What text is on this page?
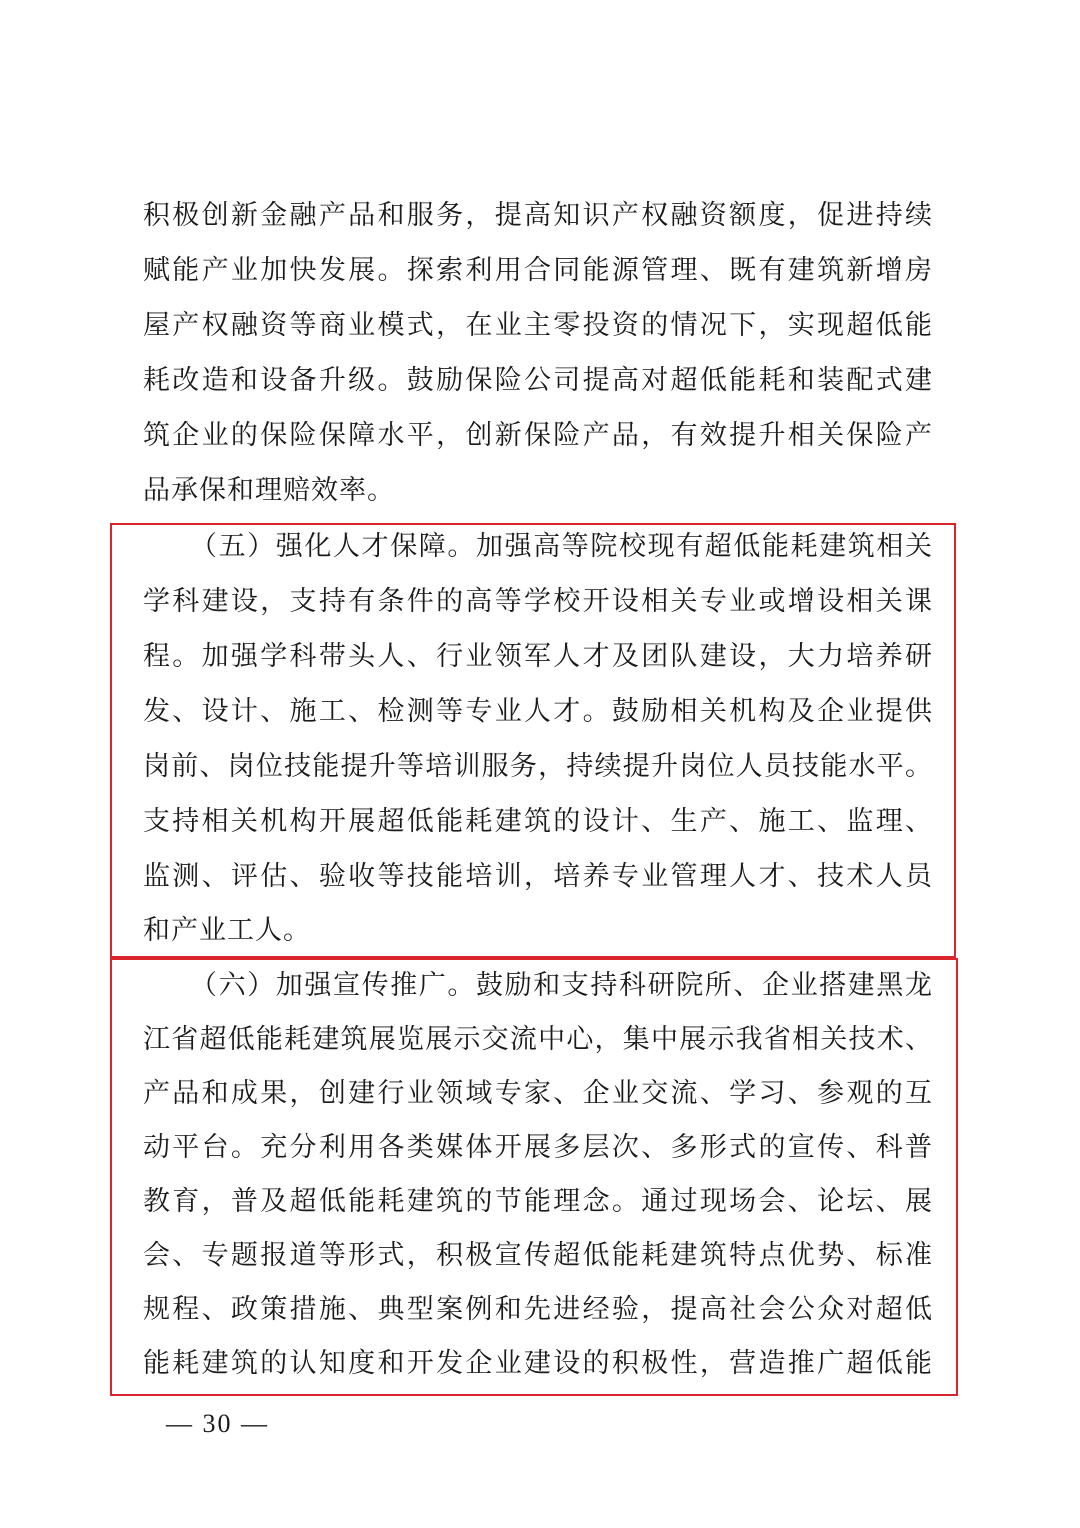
积极创新金融产品和服务，提高知识产权融资额度，促进持续
赋能产业加快发展。探索利用合同能源管理、既有建筑新增房
屋产权融资等商业模式，在业主零投资的情况下，实现超低能
耗改造和设备升级。鼓励保险公司提高对超低能耗和装配式建
筑企业的保险保障水平，创新保险产品，有效提升相关保险产
品承保和理赔效率。
（五）强化人才保障。加强高等院校现有超低能耗建筑相关
学科建设，支持有条件的高等学校开设相关专业或增设相关课
程。加强学科带头人、行业领军人才及团队建设，大力培养研
发、设计、施工、检测等专业人才。鼓励相关机构及企业提供
岗前、岗位技能提升等培训服务，持续提升岗位人员技能水平。
支持相关机构开展超低能耗建筑的设计、生产、施工、监理、
监测、评估、验收等技能培训，培养专业管理人才、技术人员
和产业工人。
（六）加强宣传推广。鼓励和支持科研院所、企业搭建黑龙
江省超低能耗建筑展览展示交流中心，集中展示我省相关技术、
产品和成果，创建行业领域专家、企业交流、学习、参观的互
动平台。充分利用各类媒体开展多层次、多形式的宣传、科普
教育，普及超低能耗建筑的节能理念。通过现场会、论坛、展
会、专题报道等形式，积极宣传超低能耗建筑特点优势、标准
规程、政策措施、典型案例和先进经验，提高社会公众对超低
能耗建筑的认知度和开发企业建设的积极性，营造推广超低能
— 30 —
